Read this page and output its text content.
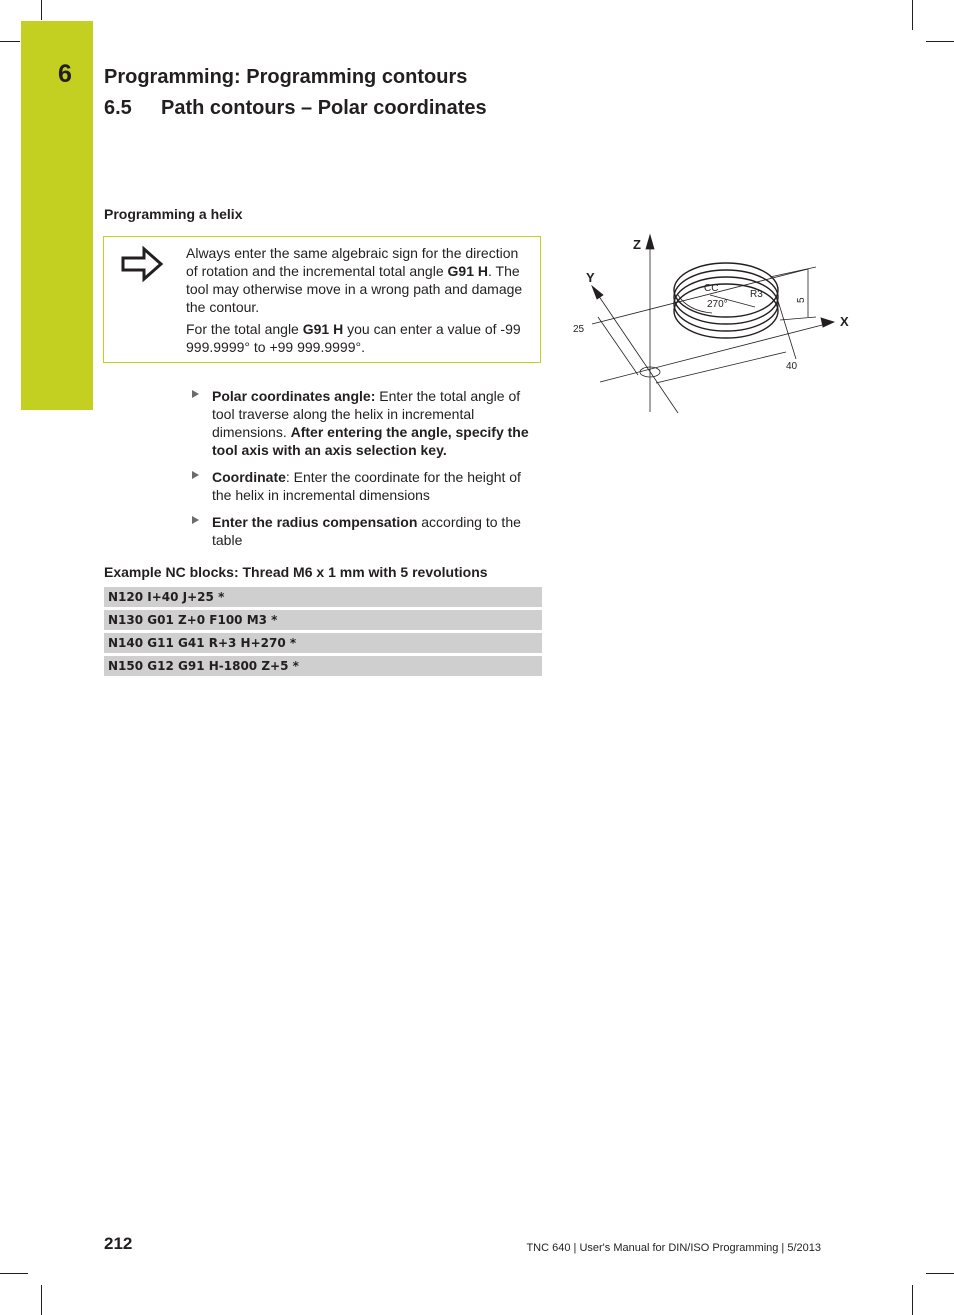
6 Programming: Programming contours
6.5 Path contours – Polar coordinates
Programming a helix

Always enter the same algebraic sign for the direction of rotation and the incremental total angle G91 H. The tool may otherwise move in a wrong path and damage the contour.

For the total angle G91 H you can enter a value of -99 999.9999° to +99 999.9999°.

Polar coordinates angle: Enter the total angle of tool traverse along the helix in incremental dimensions. After entering the angle, specify the tool axis with an axis selection key.
Coordinate: Enter the coordinate for the height of the helix in incremental dimensions
Enter the radius compensation according to the table
Example NC blocks: Thread M6 x 1 mm with 5 revolutions
N120 I+40 J+25 *
N130 G01 Z+0 F100 M3 *
N140 G11 G41 R+3 H+270 *
N150 G12 G91 H-1800 Z+5 *
Z
Y
X
CC
R3
270°	5
25
40
212	TNC 640 | User's Manual for DIN/ISO Programming | 5/2013
